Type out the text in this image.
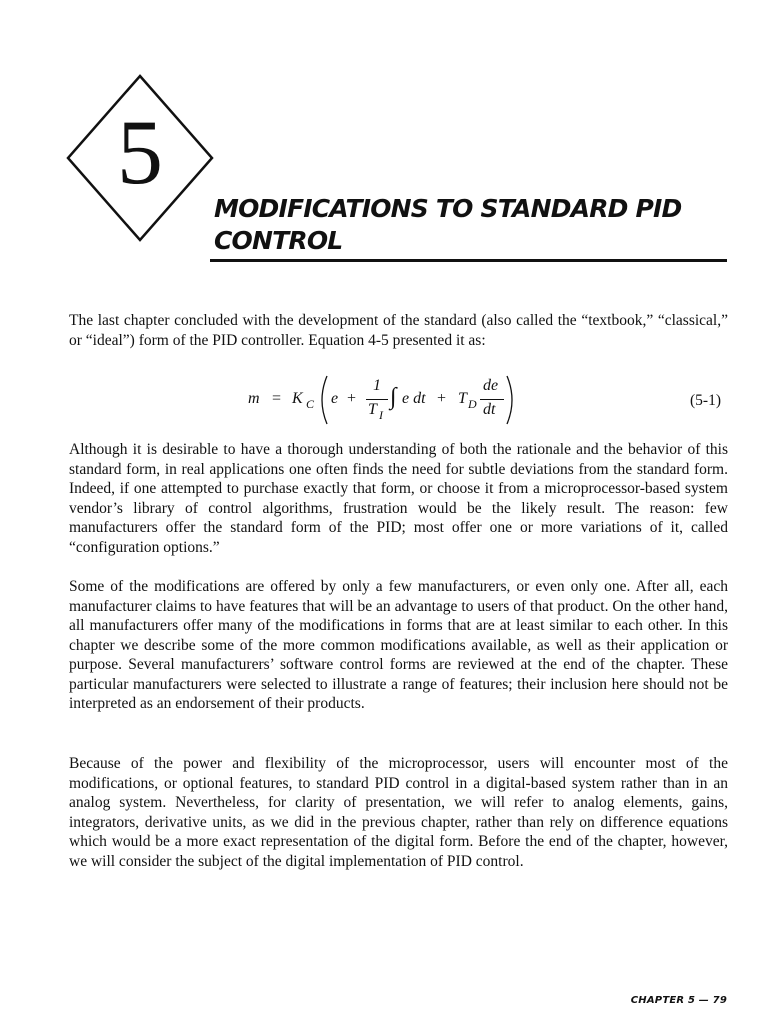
5
MODIFICATIONS TO STANDARD PID CONTROL

The last chapter concluded with the development of the standard (also called the “textbook,” “classical,” or “ideal”) form of the PID controller. Equation 4-5 presented it as:

m = K C e +
1
T I
∫ e dt + T D
de
dt
(5-1)

Although it is desirable to have a thorough understanding of both the rationale and the behavior of this standard form, in real applications one often finds the need for subtle deviations from the standard form. Indeed, if one attempted to purchase exactly that form, or choose it from a microprocessor-based system vendor’s library of control algorithms, frustration would be the likely result. The reason: few manufacturers offer the standard form of the PID; most offer one or more variations of it, called “configuration options.”

Some of the modifications are offered by only a few manufacturers, or even only one. After all, each manufacturer claims to have features that will be an advantage to users of that product. On the other hand, all manufacturers offer many of the modifications in forms that are at least similar to each other. In this chapter we describe some of the more common modifications available, as well as their application or purpose. Several manufacturers’ software control forms are reviewed at the end of the chapter. These particular manufacturers were selected to illustrate a range of features; their inclusion here should not be interpreted as an endorsement of their products.

Because of the power and flexibility of the microprocessor, users will encounter most of the modifications, or optional features, to standard PID control in a digital-based system rather than in an analog system. Nevertheless, for clarity of presentation, we will refer to analog elements, gains, integrators, derivative units, as we did in the previous chapter, rather than rely on difference equations which would be a more exact representation of the digital form. Before the end of the chapter, however, we will consider the subject of the digital implementation of PID control.

CHAPTER 5 — 79
